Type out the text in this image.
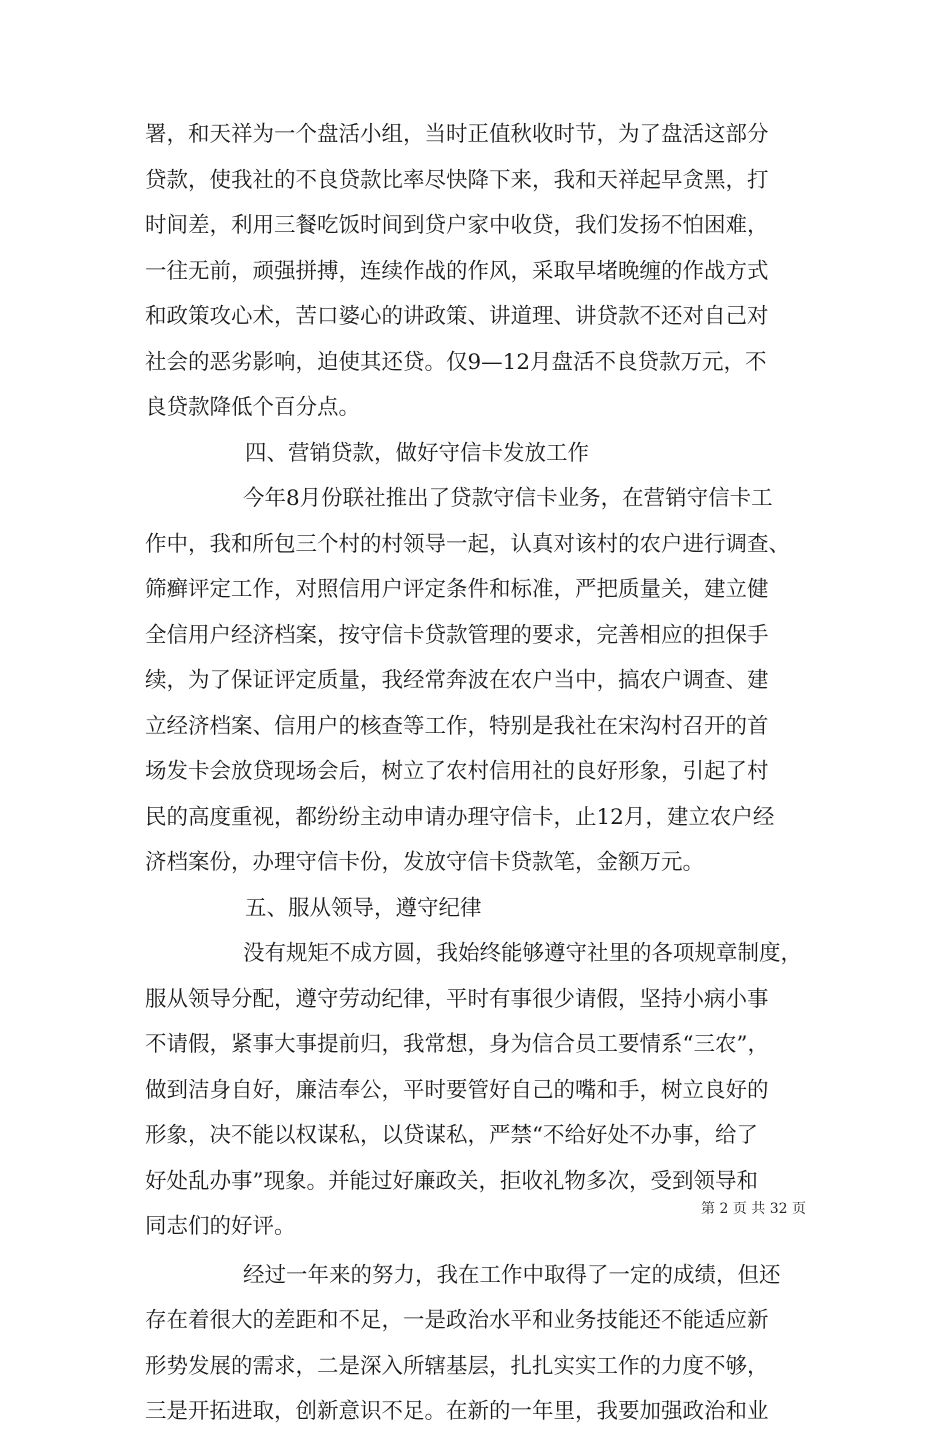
署，和天祥为一个盘活小组，当时正值秋收时节，为了盘活这部分
贷款，使我社的不良贷款比率尽快降下来，我和天祥起早贪黑，打
时间差，利用三餐吃饭时间到贷户家中收贷，我们发扬不怕困难，
一往无前，顽强拼搏，连续作战的作风，采取早堵晚缠的作战方式
和政策攻心术，苦口婆心的讲政策、讲道理、讲贷款不还对自己对
社会的恶劣影响，迫使其还贷。仅9—12月盘活不良贷款万元，不
良贷款降低个百分点。
四、营销贷款，做好守信卡发放工作
今年8月份联社推出了贷款守信卡业务，在营销守信卡工
作中，我和所包三个村的村领导一起，认真对该村的农户进行调查、
筛癣评定工作，对照信用户评定条件和标准，严把质量关，建立健
全信用户经济档案，按守信卡贷款管理的要求，完善相应的担保手
续，为了保证评定质量，我经常奔波在农户当中，搞农户调查、建
立经济档案、信用户的核查等工作，特别是我社在宋沟村召开的首
场发卡会放贷现场会后，树立了农村信用社的良好形象，引起了村
民的高度重视，都纷纷主动申请办理守信卡，止12月，建立农户经
济档案份，办理守信卡份，发放守信卡贷款笔，金额万元。
五、服从领导，遵守纪律
没有规矩不成方圆，我始终能够遵守社里的各项规章制度，
服从领导分配，遵守劳动纪律，平时有事很少请假，坚持小病小事
不请假，紧事大事提前归，我常想，身为信合员工要情系“三农”，
做到洁身自好，廉洁奉公，平时要管好自己的嘴和手，树立良好的
形象，决不能以权谋私，以贷谋私，严禁“不给好处不办事，给了
好处乱办事”现象。并能过好廉政关，拒收礼物多次，受到领导和
同志们的好评。
经过一年来的努力，我在工作中取得了一定的成绩，但还
存在着很大的差距和不足，一是政治水平和业务技能还不能适应新
形势发展的需求，二是深入所辖基层，扎扎实实工作的力度不够，
三是开拓进取，创新意识不足。在新的一年里，我要加强政治和业
第 2 页 共 32 页
